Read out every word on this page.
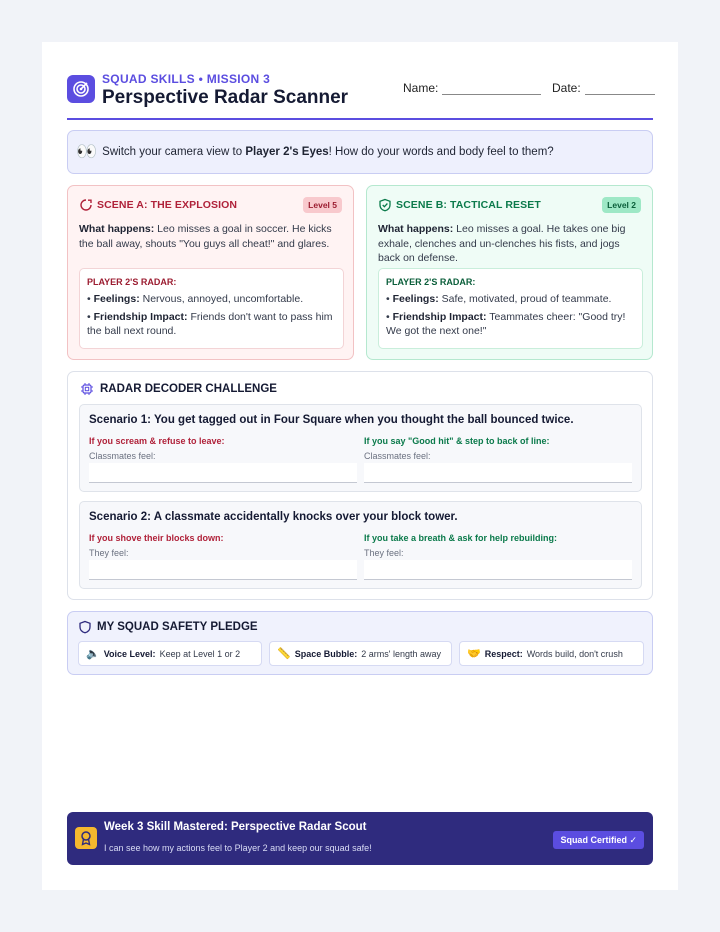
SQUAD SKILLS • MISSION 3
Perspective Radar Scanner	Name:	Date:
👀 Switch your camera view to Player 2's Eyes! How do your words and body feel to them?
SCENE A: THE EXPLOSION	Level 5
What happens: Leo misses a goal in soccer. He kicks the ball away, shouts "You guys all cheat!" and glares.
PLAYER 2'S RADAR:
• Feelings: Nervous, annoyed, uncomfortable.
• Friendship Impact: Friends don't want to pass him the ball next round.
SCENE B: TACTICAL RESET	Level 2
What happens: Leo misses a goal. He takes one big exhale, clenches and un-clenches his fists, and jogs back on defense.
PLAYER 2'S RADAR:
• Feelings: Safe, motivated, proud of teammate.
• Friendship Impact: Teammates cheer: "Good try! We got the next one!"
RADAR DECODER CHALLENGE
Scenario 1: You get tagged out in Four Square when you thought the ball bounced twice.
If you scream & refuse to leave:
Classmates feel:
If you say "Good hit" & step to back of line:
Classmates feel:
Scenario 2: A classmate accidentally knocks over your block tower.
If you shove their blocks down:
They feel:
If you take a breath & ask for help rebuilding:
They feel:
MY SQUAD SAFETY PLEDGE
🔈 Voice Level: Keep at Level 1 or 2	📏 Space Bubble: 2 arms' length away 🤝 Respect: Words build, don't crush
Week 3 Skill Mastered: Perspective Radar Scout
I can see how my actions feel to Player 2 and keep our squad safe!
Squad Certified ✓
